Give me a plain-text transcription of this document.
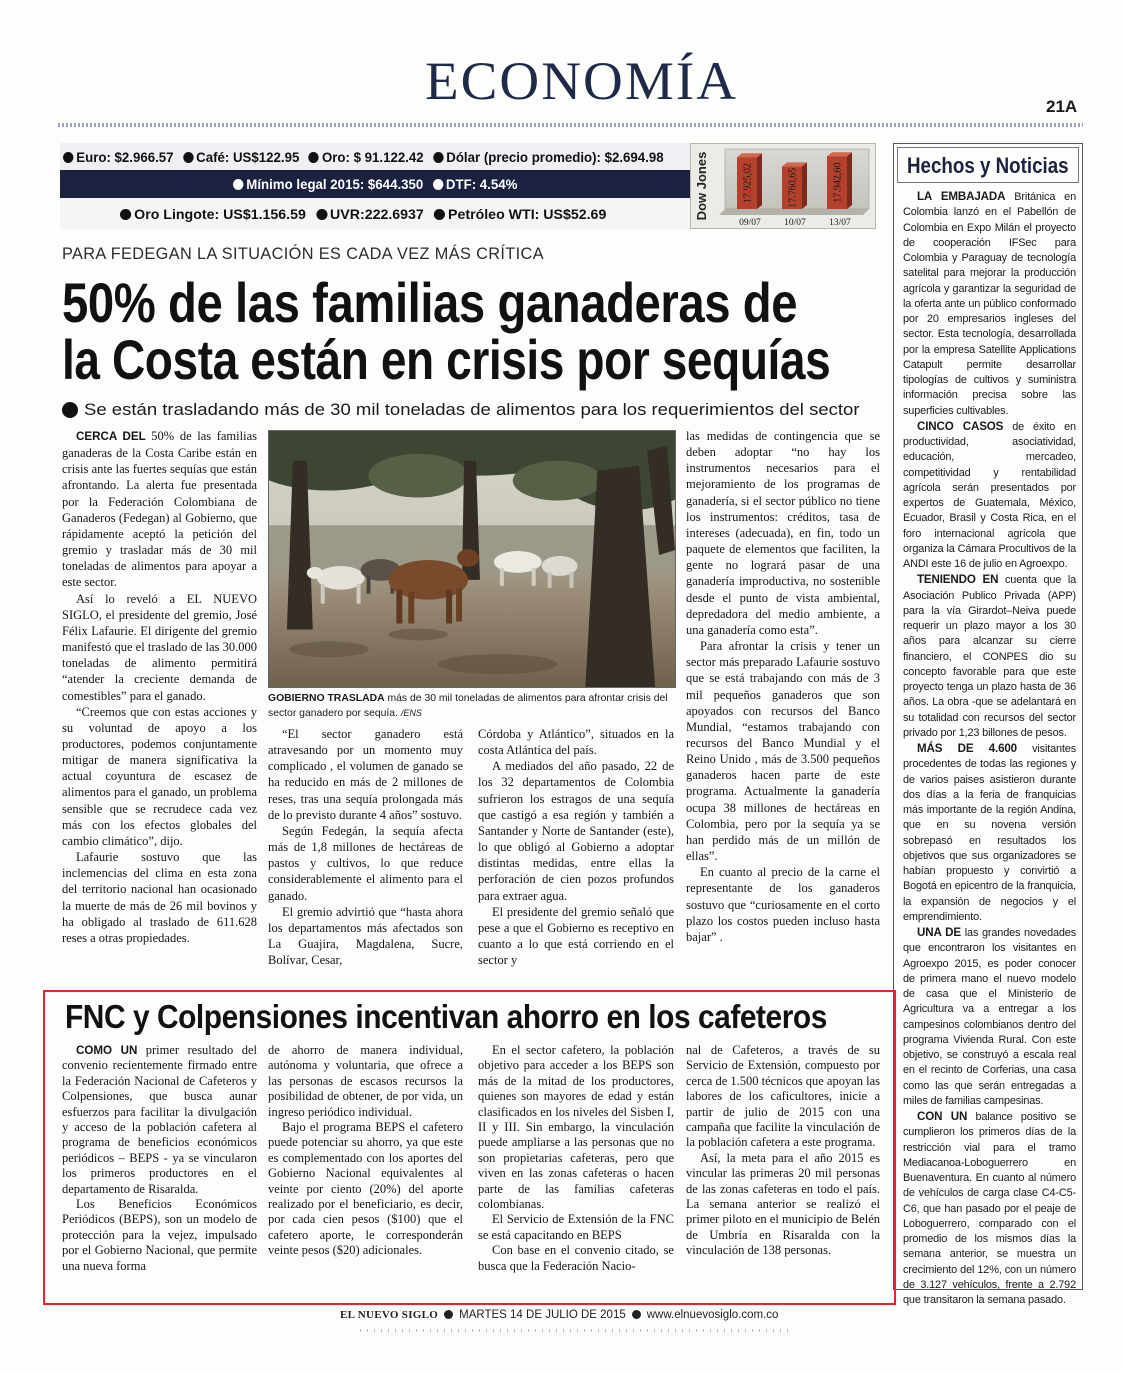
ECONOMÍA	21A
Euro: $2.966.57 Café: US$122.95 Oro: $ 91.122.42 Dólar (precio promedio): $2.694.98
Mínimo legal 2015: $644.350 DTF: 4.54%
Oro Lingote: US$1.156.59 UVR:222.6937 Petróleo WTI: US$52.69	Dow Jones	17.925,02
09/07
17.760,65
10/07
17.942,60
13/07
Hechos y Noticias

LA EMBAJADA Británica en Colombia lanzó en el Pabellón de Colombia en Expo Milán el proyecto de cooperación IFSec para Colombia y Paraguay de tecnología satelital para mejorar la producción agrícola y garantizar la seguridad de la oferta ante un público conformado por 20 empresarios ingleses del sector. Esta tecnología, desarrollada por la empresa Satellite Applications Catapult permite desarrollar tipologías de cultivos y suministra información precisa sobre las superficies cultivables.

CINCO CASOS de éxito en productividad, asociatividad, educación, mercadeo, competitividad y rentabilidad agrícola serán presentados por expertos de Guatemala, México, Ecuador, Brasil y Costa Rica, en el foro internacional agrícola que organiza la Cámara Procultivos de la ANDI este 16 de julio en Agroexpo.

TENIENDO EN cuenta que la Asociación Publico Privada (APP) para la vía Girardot–Neiva puede requerir un plazo mayor a los 30 años para alcanzar su cierre financiero, el CONPES dio su concepto favorable para que este proyecto tenga un plazo hasta de 36 años. La obra -que se adelantará en su totalidad con recursos del sector privado por 1,23 billones de pesos.

MÁS DE 4.600 visitantes procedentes de todas las regiones y de varios paises asistieron durante dos días a la feria de franquicias más importante de la región Andina, que en su novena versión sobrepasó en resultados los objetivos que sus organizadores se habían propuesto y convirtió a Bogotá en epicentro de la franquicia, la expansión de negocios y el emprendimiento.

UNA DE las grandes novedades que encontraron los visitantes en Agroexpo 2015, es poder conocer de primera mano el nuevo modelo de casa que el Ministerio de Agricultura va a entregar a los campesinos colombianos dentro del programa Vivienda Rural. Con este objetivo, se construyó a escala real en el recinto de Corferias, una casa como las que serán entregadas a miles de familias campesinas.

CON UN balance positivo se cumplieron los primeros días de la restricción vial para el tramo Mediacanoa-Loboguerrero en Buenaventura. En cuanto al número de vehículos de carga clase C4-C5-C6, que han pasado por el peaje de Loboguerrero, comparado con el promedio de los mismos días la semana anterior, se muestra un crecimiento del 12%, con un número de 3.127 vehículos, frente a 2.792 que transitaron la semana pasado.

PARA FEDEGAN LA SITUACIÓN ES CADA VEZ MÁS CRÍTICA
50% de las familias ganaderas de
la Costa están en crisis por sequías
Se están trasladando más de 30 mil toneladas de alimentos para los requerimientos del sector

CERCA DEL 50% de las familias ganaderas de la Costa Caribe están en crisis ante las fuertes sequías que están afrontando. La alerta fue presentada por la Federación Colombiana de Ganaderos (Fedegan) al Gobierno, que rápidamente aceptó la petición del gremio y trasladar más de 30 mil toneladas de alimentos para apoyar a este sector.

Así lo reveló a EL NUEVO SIGLO, el presidente del gremio, José Félix Lafaurie. El dirigente del gremio manifestó que el traslado de las 30.000 toneladas de alimento permitirá “atender la creciente demanda de comestibles” para el ganado.

“Creemos que con estas acciones y su voluntad de apoyo a los productores, podemos conjuntamente mitigar de manera significativa la actual coyuntura de escasez de alimentos para el ganado, un problema sensible que se recrudece cada vez más con los efectos globales del cambio climático”, dijo.

Lafaurie sostuvo que las inclemencias del clima en esta zona del territorio nacional han ocasionado la muerte de más de 26 mil bovinos y ha obligado al traslado de 611.628 reses a otras propiedades.

GOBIERNO TRASLADA más de 30 mil toneladas de alimentos para afrontar crisis del sector ganadero por sequía. /ENS

“El sector ganadero está atravesando por un momento muy complicado , el volumen de ganado se ha reducido en más de 2 millones de reses, tras una sequía prolongada más de lo previsto durante 4 años” sostuvo.

Según Fedegán, la sequía afecta más de 1,8 millones de hectáreas de pastos y cultivos, lo que reduce considerablemente el alimento para el ganado.

El gremio advirtió que “hasta ahora los departamentos más afectados son La Guajira, Magdalena, Sucre, Bolívar, Cesar,

Córdoba y Atlántico”, situados en la costa Atlántica del país.

A mediados del año pasado, 22 de los 32 departamentos de Colombia sufrieron los estragos de una sequía que castigó a esa región y también a Santander y Norte de Santander (este), lo que obligó al Gobierno a adoptar distintas medidas, entre ellas la perforación de cien pozos profundos para extraer agua.

El presidente del gremio señaló que pese a que el Gobierno es receptivo en cuanto a lo que está corriendo en el sector y

las medidas de contingencia que se deben adoptar “no hay los instrumentos necesarios para el mejoramiento de los programas de ganadería, si el sector público no tiene los instrumentos: créditos, tasa de intereses (adecuada), en fin, todo un paquete de elementos que faciliten, la gente no logrará pasar de una ganadería improductiva, no sostenible desde el punto de vista ambiental, depredadora del medio ambiente, a una ganadería como esta”.

Para afrontar la crisis y tener un sector más preparado Lafaurie sostuvo que se está trabajando con más de 3 mil pequeños ganaderos que son apoyados con recursos del Banco Mundial, “estamos trabajando con recursos del Banco Mundial y el Reino Unido , más de 3.500 pequeños ganaderos hacen parte de este programa. Actualmente la ganadería ocupa 38 millones de hectáreas en Colombia, pero por la sequía ya se han perdido más de un millón de ellas”.

En cuanto al precio de la carne el representante de los ganaderos sostuvo que “curiosamente en el corto plazo los costos pueden incluso hasta bajar” .

FNC y Colpensiones incentivan ahorro en los cafeteros

COMO UN primer resultado del convenio recientemente firmado entre la Federación Nacional de Cafeteros y Colpensiones, que busca aunar esfuerzos para facilitar la divulgación y acceso de la población cafetera al programa de beneficios económicos periódicos – BEPS - ya se vincularon los primeros productores en el departamento de Risaralda.

Los Beneficios Económicos Periódicos (BEPS), son un modelo de protección para la vejez, impulsado por el Gobierno Nacional, que permite una nueva forma

de ahorro de manera individual, autónoma y voluntaria, que ofrece a las personas de escasos recursos la posibilidad de obtener, de por vida, un ingreso periódico individual.

Bajo el programa BEPS el cafetero puede potenciar su ahorro, ya que este es complementado con los aportes del Gobierno Nacional equivalentes al veinte por ciento (20%) del aporte realizado por el beneficiario, es decir, por cada cien pesos ($100) que el cafetero aporte, le corresponderán veinte pesos ($20) adicionales.

En el sector cafetero, la población objetivo para acceder a los BEPS son más de la mitad de los productores, quienes son mayores de edad y están clasificados en los niveles del Sisben I, II y III. Sin embargo, la vinculación puede ampliarse a las personas que no son propietarias cafeteras, pero que viven en las zonas cafeteras o hacen parte de las familias cafeteras colombianas.

El Servicio de Extensión de la FNC se está capacitando en BEPS

Con base en el convenio citado, se busca que la Federación Nacio-

nal de Cafeteros, a través de su Servicio de Extensión, compuesto por cerca de 1.500 técnicos que apoyan las labores de los caficultores, inicie a partir de julio de 2015 con una campaña que facilite la vinculación de la población cafetera a este programa.

Así, la meta para el año 2015 es vincular las primeras 20 mil personas de las zonas cafeteras en todo el país. La semana anterior se realizó el primer piloto en el municipio de Belén de Umbría en Risaralda con la vinculación de 138 personas.

EL NUEVO SIGLO MARTES 14 DE JULIO DE 2015 www.elnuevosiglo.com.co
